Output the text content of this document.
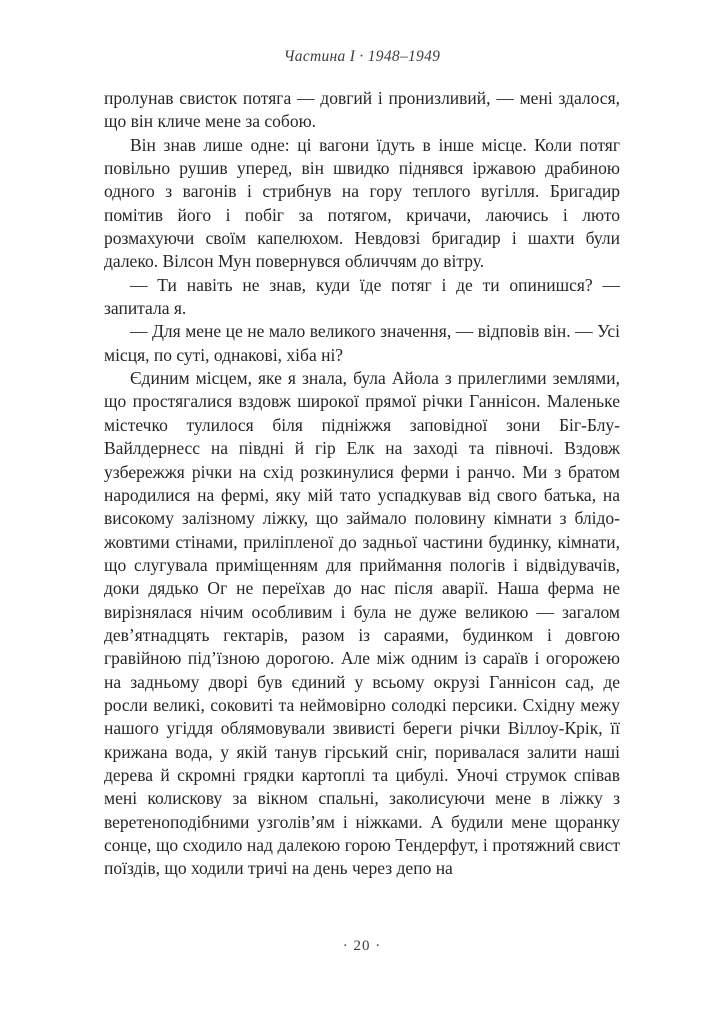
Частина I · 1948–1949

пролунав свисток потяга — довгий і пронизливий, — мені здалося, що він кличе мене за собою.

Він знав лише одне: ці вагони їдуть в інше місце. Коли потяг повільно рушив уперед, він швидко піднявся іржавою драбиною одного з вагонів і стрибнув на гору теплого вугілля. Бригадир помітив його і побіг за потягом, кричачи, лаючись і люто розмахуючи своїм капелюхом. Невдовзі бригадир і шахти були далеко. Вілсон Мун повернувся обличчям до вітру.

— Ти навіть не знав, куди їде потяг і де ти опинишся? — запитала я.

— Для мене це не мало великого значення, — відповів він. — Усі місця, по суті, однакові, хіба ні?

Єдиним місцем, яке я знала, була Айола з прилеглими землями, що простягалися вздовж широкої прямої річки Ганнісон. Маленьке містечко тулилося біля підніжжя заповідної зони Біг-Блу-Вайлдернесс на півдні й гір Елк на заході та півночі. Вздовж узбережжя річки на схід розкинулися ферми і ранчо. Ми з братом народилися на фермі, яку мій тато успадкував від свого батька, на високому залізному ліжку, що займало половину кімнати з блідо-жовтими стінами, приліпленої до задньої частини будинку, кімнати, що слугувала приміщенням для приймання пологів і відвідувачів, доки дядько Ог не переїхав до нас після аварії. Наша ферма не вирізнялася нічим особливим і була не дуже великою — загалом дев’ятнадцять гектарів, разом із сараями, будинком і довгою гравійною під’їзною дорогою. Але між одним із сараїв і огорожею на задньому дворі був єдиний у всьому окрузі Ганнісон сад, де росли великі, соковиті та неймовірно солодкі персики. Східну межу нашого угіддя облямовували звивисті береги річки Віллоу-Крік, її крижана вода, у якій танув гірський сніг, поривалася залити наші дерева й скромні грядки картоплі та цибулі. Уночі струмок співав мені колискову за вікном спальні, заколисуючи мене в ліжку з веретеноподібними узголів’ям і ніжками. А будили мене щоранку сонце, що сходило над далекою горою Тендерфут, і протяжний свист поїздів, що ходили тричі на день через депо на

· 20 ·
